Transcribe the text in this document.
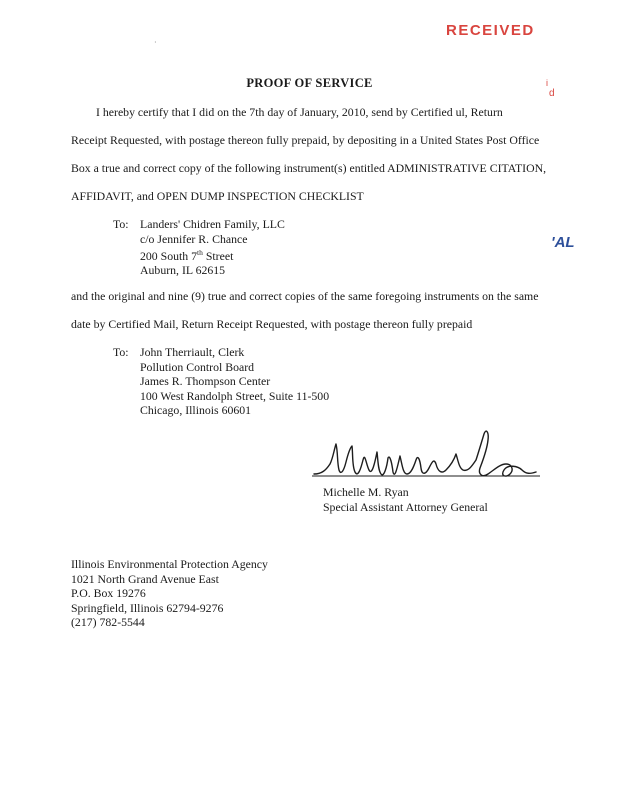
RECEIVED
i
d
'AL
·
PROOF OF SERVICE
I hereby certify that I did on the 7th day of January, 2010, send by Certified ul, Return
Receipt Requested, with postage thereon fully prepaid, by depositing in a United States Post Office
Box a true and correct copy of the following instrument(s) entitled ADMINISTRATIVE CITATION,
AFFIDAVIT, and OPEN DUMP INSPECTION CHECKLIST
To: Landers' Chidren Family, LLC
c/o Jennifer R. Chance
200 South 7th Street
Auburn, IL 62615
and the original and nine (9) true and correct copies of the same foregoing instruments on the same
date by Certified Mail, Return Receipt Requested, with postage thereon fully prepaid
To: John Therriault, Clerk
Pollution Control Board
James R. Thompson Center
100 West Randolph Street, Suite 11-500
Chicago, Illinois 60601
Michelle M. Ryan
Special Assistant Attorney General
Illinois Environmental Protection Agency
1021 North Grand Avenue East
P.O. Box 19276
Springfield, Illinois 62794-9276
(217) 782-5544
